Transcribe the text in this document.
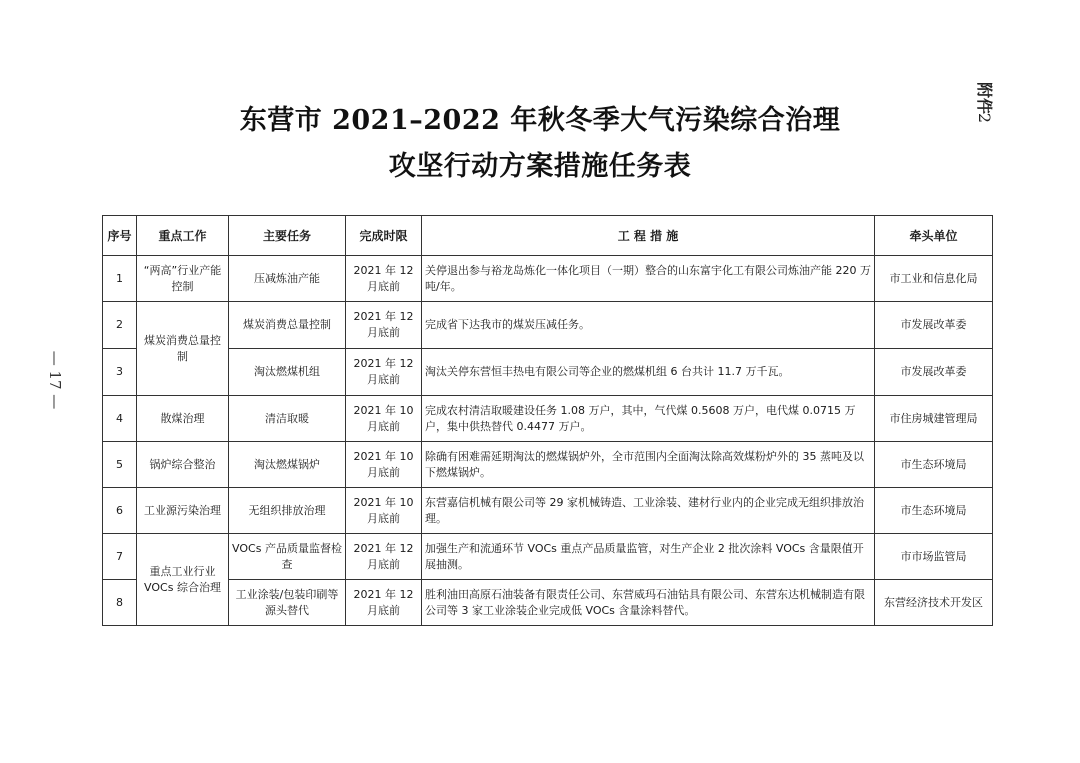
东营市 2021–2022 年秋冬季大气污染综合治理
攻坚行动方案措施任务表
附件
2
— 17 —
序号	重点工作	主要任务	完成时限	工 程 措 施	牵头单位
1	“两高”行业产能控制	压减炼油产能	2021 年 12 月底前	关停退出参与裕龙岛炼化一体化项目（一期）整合的山东富宇化工有限公司炼油产能 220 万吨/年。	市工业和信息化局
2	煤炭消费总量控制	煤炭消费总量控制	2021 年 12 月底前	完成省下达我市的煤炭压减任务。	市发展改革委
3		淘汰燃煤机组	2021 年 12 月底前	淘汰关停东营恒丰热电有限公司等企业的燃煤机组 6 台共计 11.7 万千瓦。	市发展改革委
4	散煤治理	清洁取暖	2021 年 10 月底前	完成农村清洁取暖建设任务 1.08 万户，其中，气代煤 0.5608 万户，电代煤 0.0715 万户，集中供热替代 0.4477 万户。	市住房城建管理局
5	锅炉综合整治	淘汰燃煤锅炉	2021 年 10 月底前	除确有困难需延期淘汰的燃煤锅炉外，全市范围内全面淘汰除高效煤粉炉外的 35 蒸吨及以下燃煤锅炉。	市生态环境局
6	工业源污染治理	无组织排放治理	2021 年 10 月底前	东营嘉信机械有限公司等 29 家机械铸造、工业涂装、建材行业内的企业完成无组织排放治理。	市生态环境局
7	重点工业行业VOCs 综合治理	VOCs 产品质量监督检查	2021 年 12 月底前	加强生产和流通环节 VOCs 重点产品质量监管，对生产企业 2 批次涂料 VOCs 含量限值开展抽测。	市市场监管局
8		工业涂装/包装印刷等源头替代	2021 年 12 月底前	胜利油田高原石油装备有限责任公司、东营威玛石油钻具有限公司、东营东达机械制造有限公司等 3 家工业涂装企业完成低 VOCs 含量涂料替代。	东营经济技术开发区
